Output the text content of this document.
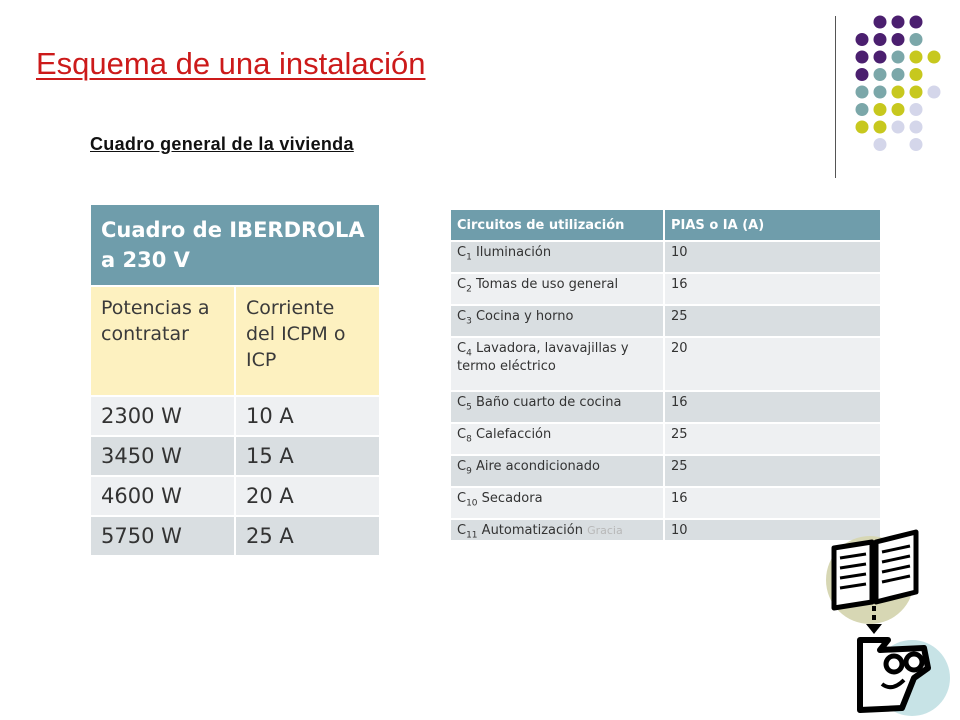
Esquema de una instalación
Cuadro general de la vivienda
Cuadro de IBERDROLA a 230 V	
Potencias a contratar	Corriente del ICPM o ICP
2300 W	10 A
3450 W	15 A
4600 W	20 A
5750 W	25 A
Circuitos de utilización	PIAS o IA (A)
$C_1$ Iluminación	10
$C_2$ Tomas de uso general	16
$C_3$ Cocina y horno	25
$C_4$ Lavadora, lavavajillas y termo eléctrico	20
$C_5$ Baño cuarto de cocina	16
$C_8$ Calefacción	25
$C_9$ Aire acondicionado	25
$C_{10}$ Secadora	16
$C_{11}$ Automatización Gracia	10
